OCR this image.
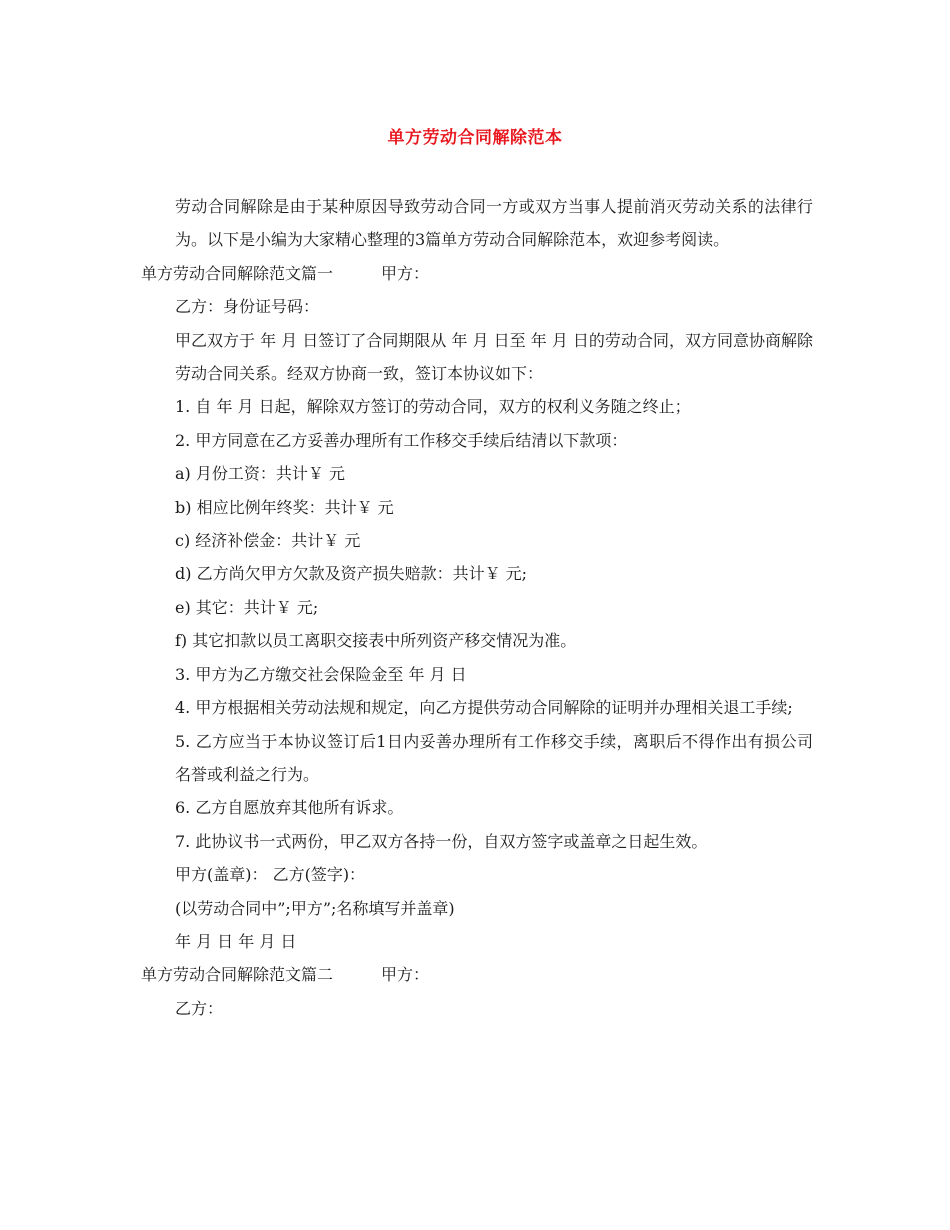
单方劳动合同解除范本

劳动合同解除是由于某种原因导致劳动合同一方或双方当事人提前消灭劳动关系的法律行为。以下是小编为大家精心整理的3篇单方劳动合同解除范本，欢迎参考阅读。

单方劳动合同解除范文篇一	甲方：

乙方：身份证号码：

甲乙双方于 年 月 日签订了合同期限从 年 月 日至 年 月 日的劳动合同，双方同意协商解除劳动合同关系。经双方协商一致，签订本协议如下：

1. 自 年 月 日起，解除双方签订的劳动合同，双方的权利义务随之终止；

2. 甲方同意在乙方妥善办理所有工作移交手续后结清以下款项：

a) 月份工资：共计￥ 元

b) 相应比例年终奖：共计￥ 元

c) 经济补偿金：共计￥ 元

d) 乙方尚欠甲方欠款及资产损失赔款：共计￥ 元;

e) 其它：共计￥ 元;

f) 其它扣款以员工离职交接表中所列资产移交情况为准。

3. 甲方为乙方缴交社会保险金至 年 月 日

4. 甲方根据相关劳动法规和规定，向乙方提供劳动合同解除的证明并办理相关退工手续;

5. 乙方应当于本协议签订后1日内妥善办理所有工作移交手续，离职后不得作出有损公司名誉或利益之行为。

6. 乙方自愿放弃其他所有诉求。

7. 此协议书一式两份，甲乙双方各持一份，自双方签字或盖章之日起生效。

甲方(盖章)： 乙方(签字)：

(以劳动合同中”;甲方”;名称填写并盖章)

年 月 日 年 月 日

单方劳动合同解除范文篇二	甲方：

乙方：
